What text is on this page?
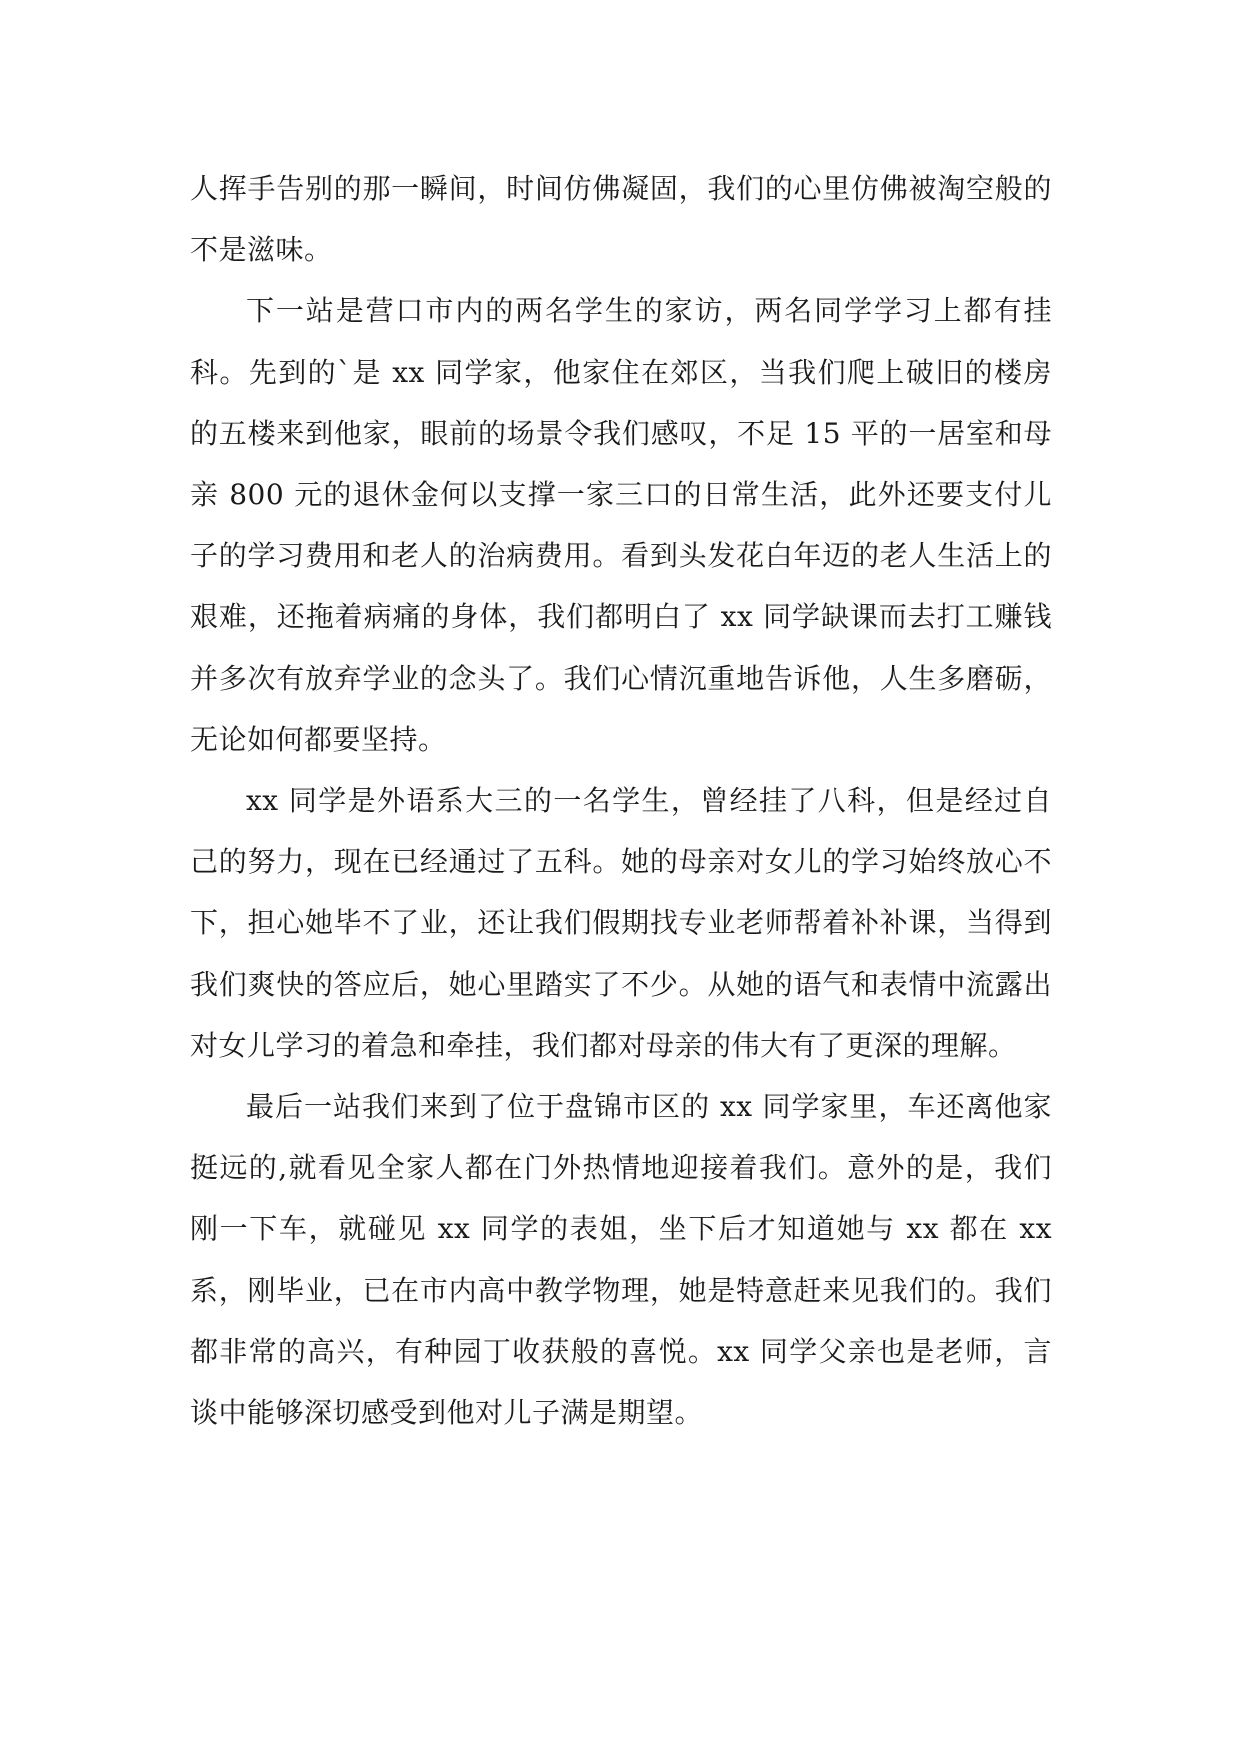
人挥手告别的那一瞬间，时间仿佛凝固，我们的心里仿佛被淘空般的不是滋味。

下一站是营口市内的两名学生的家访，两名同学学习上都有挂科。先到的`是 xx 同学家，他家住在郊区，当我们爬上破旧的楼房的五楼来到他家，眼前的场景令我们感叹，不足 15 平的一居室和母亲 800 元的退休金何以支撑一家三口的日常生活，此外还要支付儿子的学习费用和老人的治病费用。看到头发花白年迈的老人生活上的艰难，还拖着病痛的身体，我们都明白了 xx 同学缺课而去打工赚钱并多次有放弃学业的念头了。我们心情沉重地告诉他，人生多磨砺，无论如何都要坚持。

xx 同学是外语系大三的一名学生，曾经挂了八科，但是经过自己的努力，现在已经通过了五科。她的母亲对女儿的学习始终放心不下，担心她毕不了业，还让我们假期找专业老师帮着补补课，当得到我们爽快的答应后，她心里踏实了不少。从她的语气和表情中流露出对女儿学习的着急和牵挂，我们都对母亲的伟大有了更深的理解。

最后一站我们来到了位于盘锦市区的 xx 同学家里，车还离他家挺远的,就看见全家人都在门外热情地迎接着我们。意外的是，我们刚一下车，就碰见 xx 同学的表姐，坐下后才知道她与 xx 都在 xx 系，刚毕业，已在市内高中教学物理，她是特意赶来见我们的。我们都非常的高兴，有种园丁收获般的喜悦。xx 同学父亲也是老师，言谈中能够深切感受到他对儿子满是期望。
